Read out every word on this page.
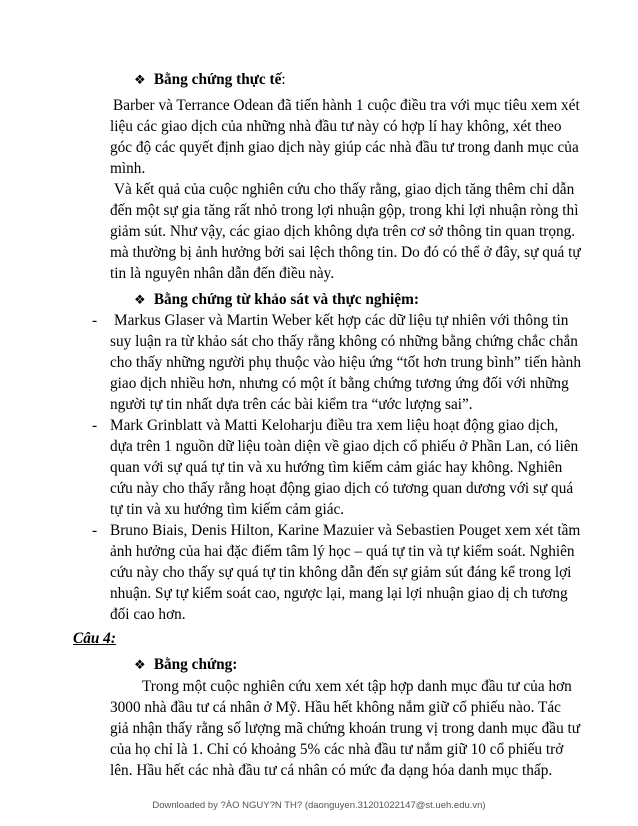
❖ Bằng chứng thực tế:
Barber và Terrance Odean đã tiến hành 1 cuộc điều tra với mục tiêu xem xét
liệu các giao dịch của những nhà đầu tư này có hợp lí hay không, xét theo
góc độ các quyết định giao dịch này giúp các nhà đầu tư trong danh mục của
mình.
Và kết quả của cuộc nghiên cứu cho thấy rằng, giao dịch tăng thêm chỉ dẫn
đến một sự gia tăng rất nhỏ trong lợi nhuận gộp, trong khi lợi nhuận ròng thì
giảm sút. Như vậy, các giao dịch không dựa trên cơ sở thông tin quan trọng.
mà thường bị ảnh hưởng bởi sai lệch thông tin. Do đó có thể ở đây, sự quá tự
tin là nguyên nhân dẫn đến điều này.
❖ Bằng chứng từ khảo sát và thực nghiệm:
- Markus Glaser và Martin Weber kết hợp các dữ liệu tự nhiên với thông tin
suy luận ra từ khảo sát cho thấy rằng không có những bằng chứng chắc chắn
cho thấy những người phụ thuộc vào hiệu ứng “tốt hơn trung bình” tiến hành
giao dịch nhiều hơn, nhưng có một ít bằng chứng tương ứng đối với những
người tự tin nhất dựa trên các bài kiểm tra “ước lượng sai”.
- Mark Grinblatt và Matti Keloharju điều tra xem liệu hoạt động giao dịch,
dựa trên 1 nguồn dữ liệu toàn diện về giao dịch cổ phiếu ở Phần Lan, có liên
quan với sự quá tự tin và xu hướng tìm kiếm cảm giác hay không. Nghiên
cứu này cho thấy rằng hoạt động giao dịch có tương quan dương với sự quá
tự tin và xu hướng tìm kiếm cảm giác.
- Bruno Biais, Denis Hilton, Karine Mazuier và Sebastien Pouget xem xét tầm
ảnh hưởng của hai đặc điểm tâm lý học – quá tự tin và tự kiểm soát. Nghiên
cứu này cho thấy sự quá tự tin không dẫn đến sự giảm sút đáng kể trong lợi
nhuận. Sự tự kiểm soát cao, ngược lại, mang lại lợi nhuận giao dị ch tương
đối cao hơn.
Câu 4:
❖ Bằng chứng:
Trong một cuộc nghiên cứu xem xét tập hợp danh mục đầu tư của hơn
3000 nhà đầu tư cá nhân ở Mỹ. Hầu hết không nắm giữ cổ phiếu nào. Tác
giả nhận thấy rằng số lượng mã chứng khoán trung vị trong danh mục đầu tư
của họ chỉ là 1. Chỉ có khoảng 5% các nhà đầu tư nắm giữ 10 cổ phiếu trở
lên. Hầu hết các nhà đầu tư cá nhân có mức đa dạng hóa danh mục thấp.
Downloaded by ?ÀO NGUY?N TH? (daonguyen.31201022147@st.ueh.edu.vn)
